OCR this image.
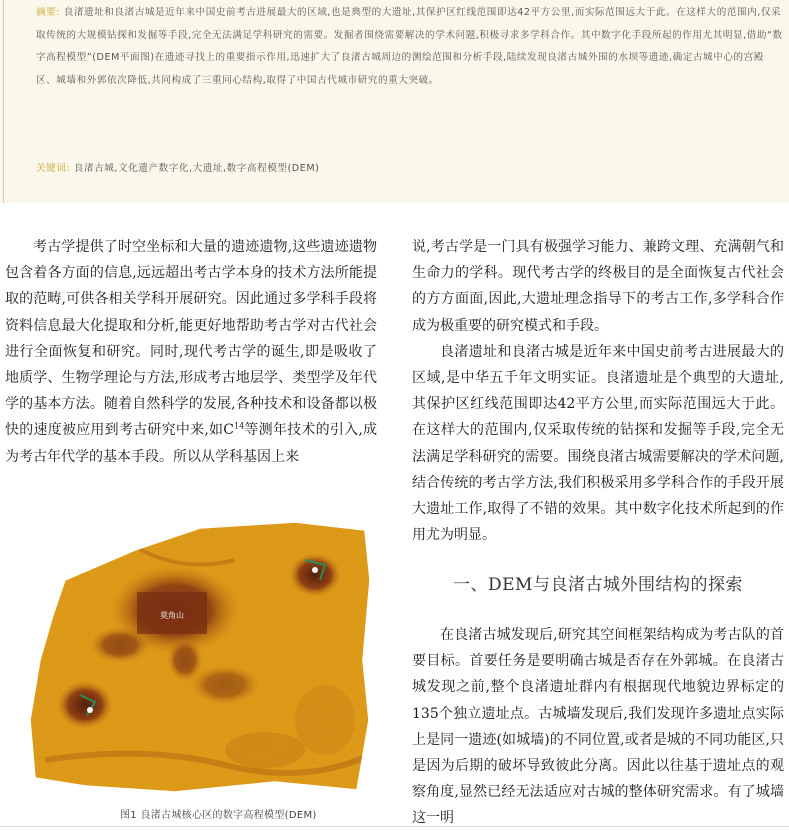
摘要: 良渚遗址和良渚古城是近年来中国史前考古进展最大的区域,也是典型的大遗址,其保护区红线范围即达42平方公里,而实际范围远大于此。在这样大的范围内,仅采取传统的大规模钻探和发掘等手段,完全无法满足学科研究的需要。发掘者围绕需要解决的学术问题,积极寻求多学科合作。其中数字化手段所起的作用尤其明显,借助“数字高程模型”(DEM平面图)在遗迹寻找上的重要指示作用,迅速扩大了良渚古城周边的测绘范围和分析手段,陆续发现良渚古城外围的水坝等遗迹,确定古城中心的宫殿区、城墙和外郭依次降低,共同构成了三重同心结构,取得了中国古代城市研究的重大突破。
关键词: 良渚古城,文化遗产数字化,大遗址,数字高程模型(DEM)

考古学提供了时空坐标和大量的遗迹遗物,这些遗迹遗物包含着各方面的信息,远远超出考古学本身的技术方法所能提取的范畴,可供各相关学科开展研究。因此通过多学科手段将资料信息最大化提取和分析,能更好地帮助考古学对古代社会进行全面恢复和研究。同时,现代考古学的诞生,即是吸收了地质学、生物学理论与方法,形成考古地层学、类型学及年代学的基本方法。随着自然科学的发展,各种技术和设备都以极快的速度被应用到考古研究中来,如$C^{14}$等测年技术的引入,成为考古年代学的基本手段。所以从学科基因上来

莫角山
图1 良渚古城核心区的数字高程模型(DEM)

说,考古学是一门具有极强学习能力、兼跨文理、充满朝气和生命力的学科。现代考古学的终极目的是全面恢复古代社会的方方面面,因此,大遗址理念指导下的考古工作,多学科合作成为极重要的研究模式和手段。

良渚遗址和良渚古城是近年来中国史前考古进展最大的区域,是中华五千年文明实证。良渚遗址是个典型的大遗址,其保护区红线范围即达42平方公里,而实际范围远大于此。在这样大的范围内,仅采取传统的钻探和发掘等手段,完全无法满足学科研究的需要。围绕良渚古城需要解决的学术问题,结合传统的考古学方法,我们积极采用多学科合作的手段开展大遗址工作,取得了不错的效果。其中数字化技术所起到的作用尤为明显。

一、DEM与良渚古城外围结构的探索

在良渚古城发现后,研究其空间框架结构成为考古队的首要目标。首要任务是要明确古城是否存在外郭城。在良渚古城发现之前,整个良渚遗址群内有根据现代地貌边界标定的135个独立遗址点。古城墙发现后,我们发现许多遗址点实际上是同一遗迹(如城墙)的不同位置,或者是城的不同功能区,只是因为后期的破坏导致彼此分离。因此以往基于遗址点的观察角度,显然已经无法适应对古城的整体研究需求。有了城墙这一明
